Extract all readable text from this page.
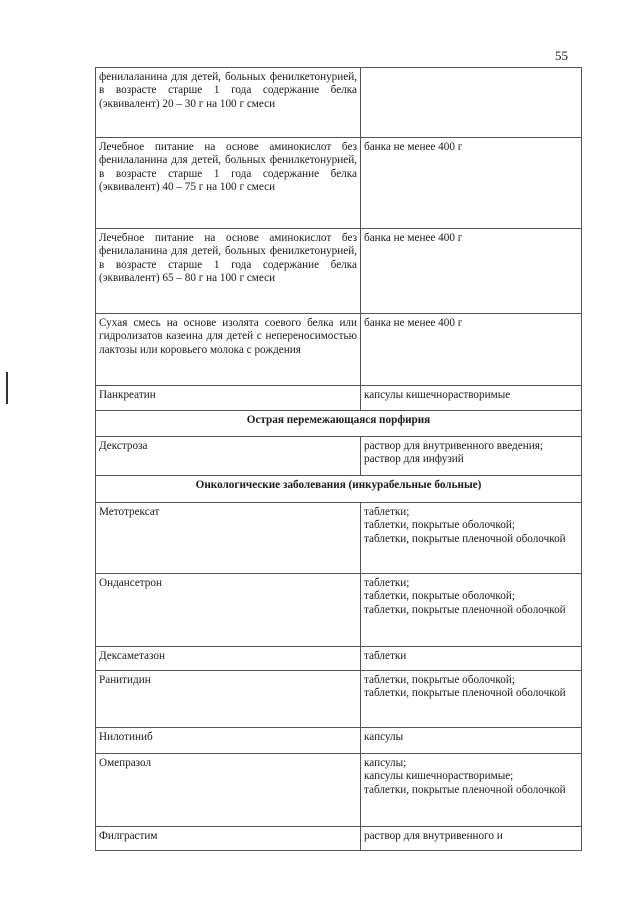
55
фенилаланина для детей, больных фенилкетонурией, в возрасте старше 1 года содержание белка (эквивалент) 20 – 30 г на 100 г смеси	
Лечебное питание на основе аминокислот без фенилаланина для детей, больных фенилкетонурией, в возрасте старше 1 года содержание белка (эквивалент) 40 – 75 г на 100 г смеси	банка не менее 400 г
Лечебное питание на основе аминокислот без фенилаланина для детей, больных фенилкетонурией, в возрасте старше 1 года содержание белка (эквивалент) 65 – 80 г на 100 г смеси	банка не менее 400 г
Сухая смесь на основе изолята соевого белка или гидролизатов казеина для детей с непереносимостью лактозы или коровьего молока с рождения	банка не менее 400 г
Панкреатин	капсулы кишечнорастворимые
Острая перемежающаяся порфирия	
Декстроза	раствор для внутривенного введения;
раствор для инфузий

Онкологические заболевания (инкурабельные больные)	
Метотрексат	таблетки;
таблетки, покрытые оболочкой;
таблетки, покрытые пленочной оболочкой

Ондансетрон	таблетки;
таблетки, покрытые оболочкой;
таблетки, покрытые пленочной оболочкой

Дексаметазон	таблетки
Ранитидин	таблетки, покрытые оболочкой;
таблетки, покрытые пленочной оболочкой

Нилотиниб	капсулы
Омепразол	капсулы;
капсулы кишечнорастворимые;
таблетки, покрытые пленочной оболочкой

Филграстим	раствор для внутривенного и
